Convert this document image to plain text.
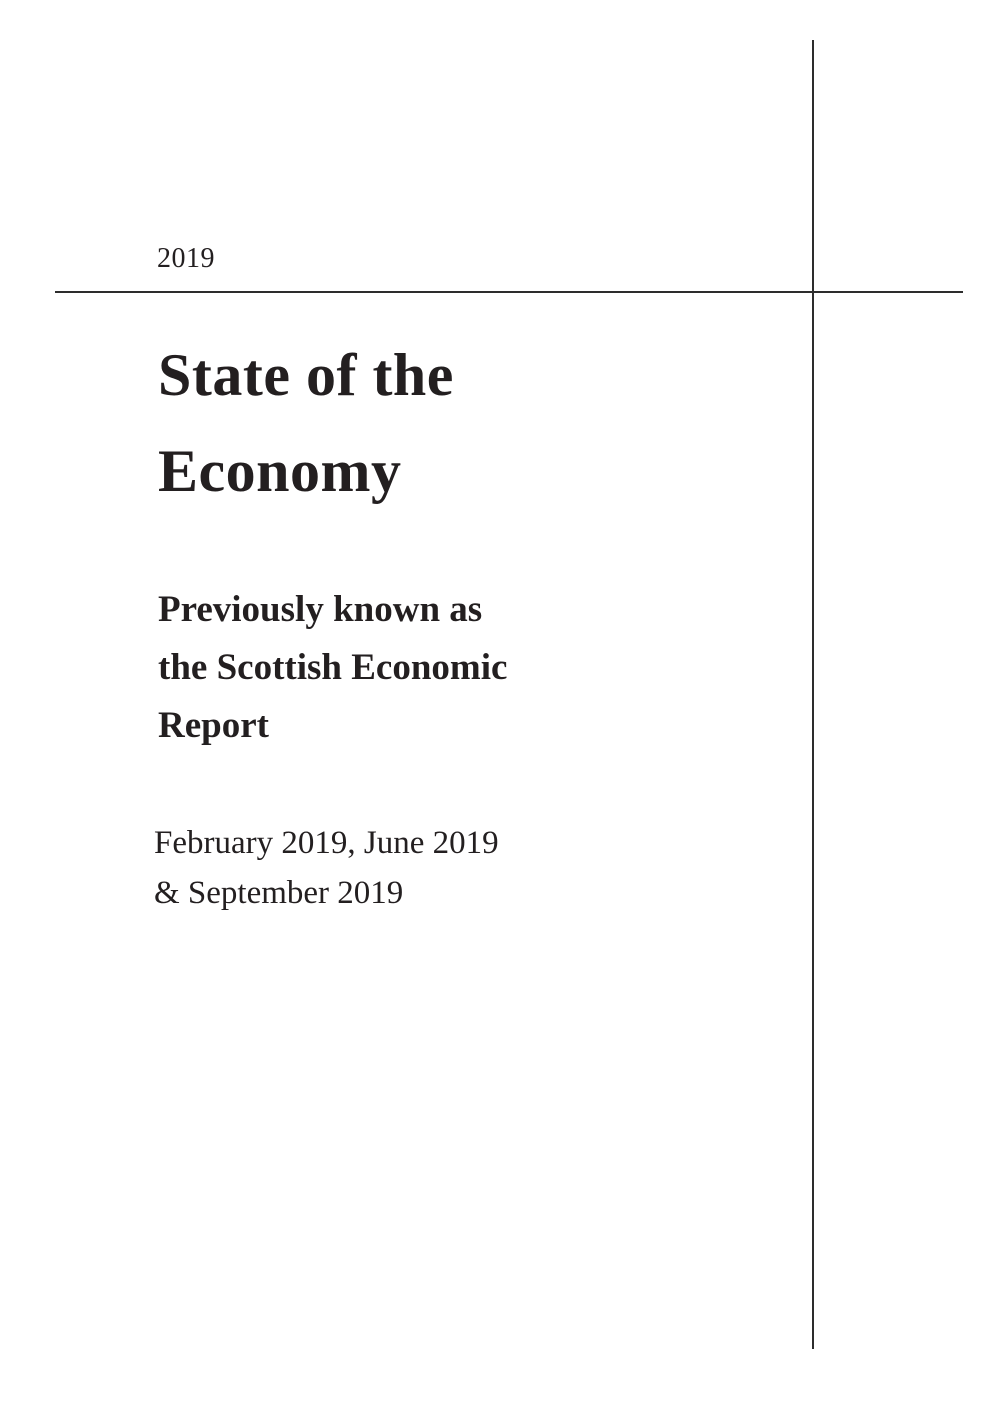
2019
State of the
Economy
Previously known as
the Scottish Economic
Report
February 2019, June 2019
& September 2019
